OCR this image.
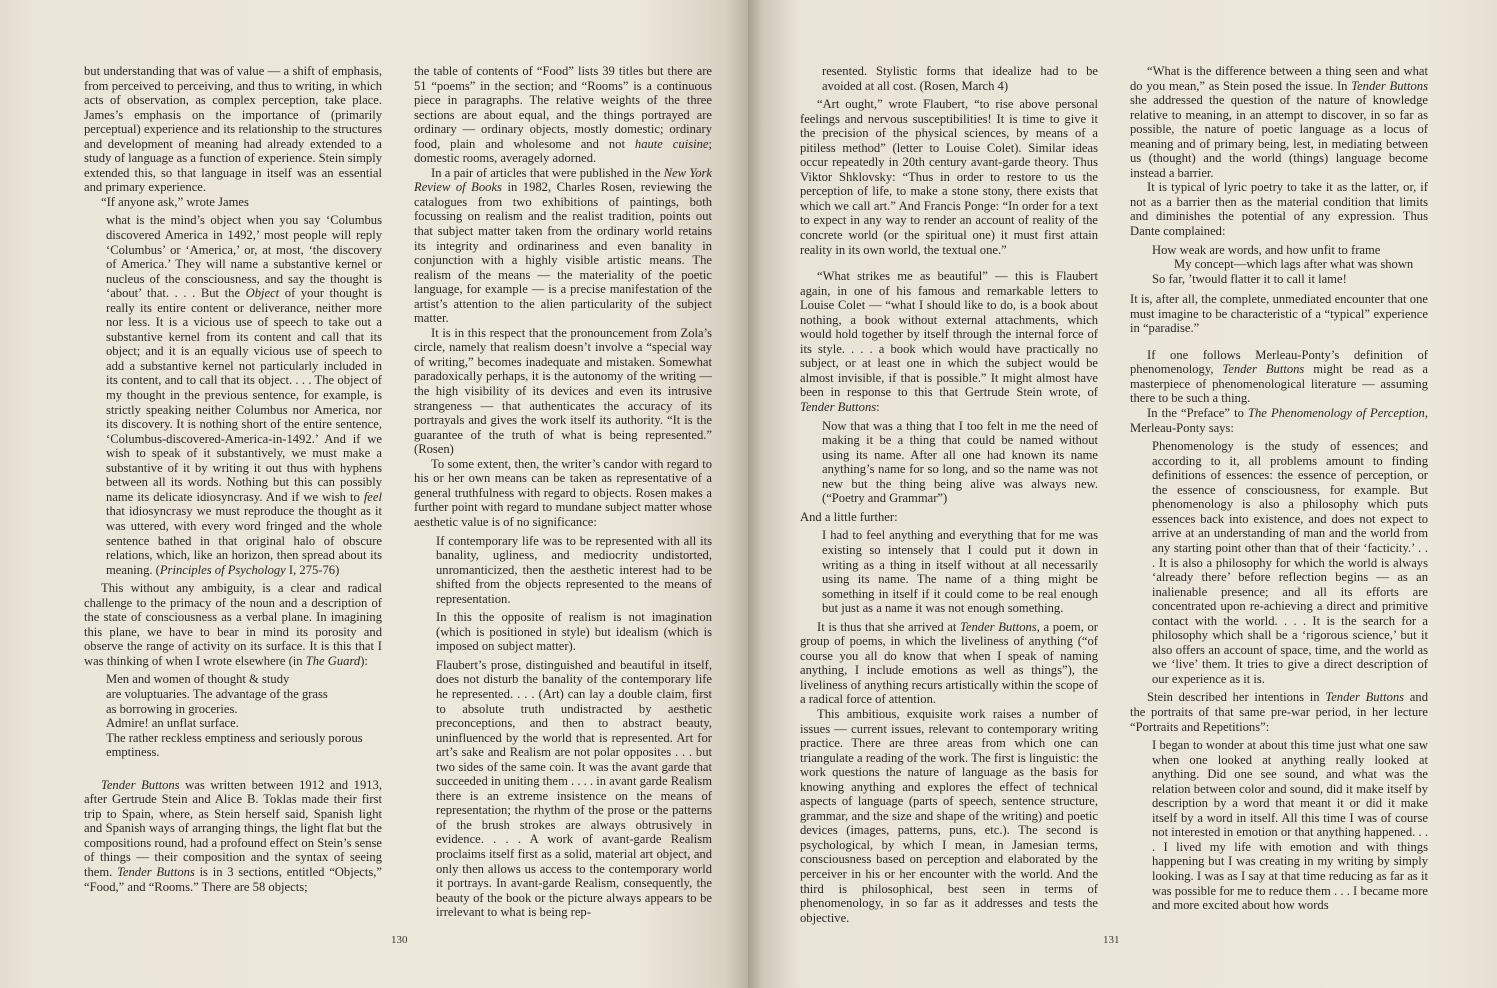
but understanding that was of value — a shift of emphasis, from perceived to perceiving, and thus to writing, in which acts of observation, as complex perception, take place. James’s emphasis on the importance of (primarily perceptual) experience and its relationship to the structures and development of meaning had already extended to a study of language as a function of experience. Stein simply extended this, so that language in itself was an essential and primary experience.

“If anyone ask,” wrote James

what is the mind’s object when you say ‘Columbus discovered America in 1492,’ most people will reply ‘Columbus’ or ‘America,’ or, at most, ‘the discovery of America.’ They will name a substantive kernel or nucleus of the consciousness, and say the thought is ‘about’ that. . . . But the Object of your thought is really its entire content or deliverance, neither more nor less. It is a vicious use of speech to take out a substantive kernel from its content and call that its object; and it is an equally vicious use of speech to add a substantive kernel not particularly included in its content, and to call that its object. . . . The object of my thought in the previous sentence, for example, is strictly speaking neither Columbus nor America, nor its discovery. It is nothing short of the entire sentence, ‘Columbus-discovered-America-in-1492.’ And if we wish to speak of it substantively, we must make a substantive of it by writing it out thus with hyphens between all its words. Nothing but this can possibly name its delicate idiosyncrasy. And if we wish to feel that idiosyncrasy we must reproduce the thought as it was uttered, with every word fringed and the whole sentence bathed in that original halo of obscure relations, which, like an horizon, then spread about its meaning. (Principles of Psychology I, 275-76)

This without any ambiguity, is a clear and radical challenge to the primacy of the noun and a description of the state of consciousness as a verbal plane. In imagining this plane, we have to bear in mind its porosity and observe the range of activity on its surface. It is this that I was thinking of when I wrote elsewhere (in The Guard):

Men and women of thought & study
are voluptuaries. The advantage of the grass
as borrowing in groceries.
Admire! an unflat surface.
The rather reckless emptiness and seriously porous
emptiness.

Tender Buttons was written between 1912 and 1913, after Gertrude Stein and Alice B. Toklas made their first trip to Spain, where, as Stein herself said, Spanish light and Spanish ways of arranging things, the light flat but the compositions round, had a profound effect on Stein’s sense of things — their composition and the syntax of seeing them. Tender Buttons is in 3 sections, entitled “Objects,” “Food,” and “Rooms.” There are 58 objects;

the table of contents of “Food” lists 39 titles but there are 51 “poems” in the section; and “Rooms” is a continuous piece in paragraphs. The relative weights of the three sections are about equal, and the things portrayed are ordinary — ordinary objects, mostly domestic; ordinary food, plain and wholesome and not haute cuisine; domestic rooms, averagely adorned.

In a pair of articles that were published in the New York Review of Books in 1982, Charles Rosen, reviewing the catalogues from two exhibitions of paintings, both focussing on realism and the realist tradition, points out that subject matter taken from the ordinary world retains its integrity and ordinariness and even banality in conjunction with a highly visible artistic means. The realism of the means — the materiality of the poetic language, for example — is a precise manifestation of the artist’s attention to the alien particularity of the subject matter.

It is in this respect that the pronouncement from Zola’s circle, namely that realism doesn’t involve a “special way of writing,” becomes inadequate and mistaken. Somewhat paradoxically perhaps, it is the autonomy of the writing — the high visibility of its devices and even its intrusive strangeness — that authenticates the accuracy of its portrayals and gives the work itself its authority. “It is the guarantee of the truth of what is being represented.” (Rosen)

To some extent, then, the writer’s candor with regard to his or her own means can be taken as representative of a general truthfulness with regard to objects. Rosen makes a further point with regard to mundane subject matter whose aesthetic value is of no significance:

If contemporary life was to be represented with all its banality, ugliness, and mediocrity undistorted, unromanticized, then the aesthetic interest had to be shifted from the objects represented to the means of representation.

In this the opposite of realism is not imagination (which is positioned in style) but idealism (which is imposed on subject matter).

Flaubert’s prose, distinguished and beautiful in itself, does not disturb the banality of the contemporary life he represented. . . . (Art) can lay a double claim, first to absolute truth undistracted by aesthetic preconceptions, and then to abstract beauty, uninfluenced by the world that is represented. Art for art’s sake and Realism are not polar opposites . . . but two sides of the same coin. It was the avant garde that succeeded in uniting them . . . . in avant garde Realism there is an extreme insistence on the means of representation; the rhythm of the prose or the patterns of the brush strokes are always obtrusively in evidence. . . . A work of avant-garde Realism proclaims itself first as a solid, material art object, and only then allows us access to the contemporary world it portrays. In avant-garde Realism, consequently, the beauty of the book or the picture always appears to be irrelevant to what is being rep-

130

resented. Stylistic forms that idealize had to be avoided at all cost. (Rosen, March 4)

“Art ought,” wrote Flaubert, “to rise above personal feelings and nervous susceptibilities! It is time to give it the precision of the physical sciences, by means of a pitiless method” (letter to Louise Colet). Similar ideas occur repeatedly in 20th century avant-garde theory. Thus Viktor Shklovsky: “Thus in order to restore to us the perception of life, to make a stone stony, there exists that which we call art.” And Francis Ponge: “In order for a text to expect in any way to render an account of reality of the concrete world (or the spiritual one) it must first attain reality in its own world, the textual one.”

“What strikes me as beautiful” — this is Flaubert again, in one of his famous and remarkable letters to Louise Colet — “what I should like to do, is a book about nothing, a book without external attachments, which would hold together by itself through the internal force of its style. . . . a book which would have practically no subject, or at least one in which the subject would be almost invisible, if that is possible.” It might almost have been in response to this that Gertrude Stein wrote, of Tender Buttons:

Now that was a thing that I too felt in me the need of making it be a thing that could be named without using its name. After all one had known its name anything’s name for so long, and so the name was not new but the thing being alive was always new. (“Poetry and Grammar”)

And a little further:

I had to feel anything and everything that for me was existing so intensely that I could put it down in writing as a thing in itself without at all necessarily using its name. The name of a thing might be something in itself if it could come to be real enough but just as a name it was not enough something.

It is thus that she arrived at Tender Buttons, a poem, or group of poems, in which the liveliness of anything (“of course you all do know that when I speak of naming anything, I include emotions as well as things”), the liveliness of anything recurs artistically within the scope of a radical force of attention.

This ambitious, exquisite work raises a number of issues — current issues, relevant to contemporary writing practice. There are three areas from which one can triangulate a reading of the work. The first is linguistic: the work questions the nature of language as the basis for knowing anything and explores the effect of technical aspects of language (parts of speech, sentence structure, grammar, and the size and shape of the writing) and poetic devices (images, patterns, puns, etc.). The second is psychological, by which I mean, in Jamesian terms, consciousness based on perception and elaborated by the perceiver in his or her encounter with the world. And the third is philosophical, best seen in terms of phenomenology, in so far as it addresses and tests the objective.

“What is the difference between a thing seen and what do you mean,” as Stein posed the issue. In Tender Buttons she addressed the question of the nature of knowledge relative to meaning, in an attempt to discover, in so far as possible, the nature of poetic language as a locus of meaning and of primary being, lest, in mediating between us (thought) and the world (things) language become instead a barrier.

It is typical of lyric poetry to take it as the latter, or, if not as a barrier then as the material condition that limits and diminishes the potential of any expression. Thus Dante complained:

How weak are words, and how unfit to frame
My concept—which lags after what was shown
So far, ’twould flatter it to call it lame!

It is, after all, the complete, unmediated encounter that one must imagine to be characteristic of a “typical” experience in “paradise.”

If one follows Merleau-Ponty’s definition of phenomenology, Tender Buttons might be read as a masterpiece of phenomenological literature — assuming there to be such a thing.

In the “Preface” to The Phenomenology of Perception, Merleau-Ponty says:

Phenomenology is the study of essences; and according to it, all problems amount to finding definitions of essences: the essence of perception, or the essence of consciousness, for example. But phenomenology is also a philosophy which puts essences back into existence, and does not expect to arrive at an understanding of man and the world from any starting point other than that of their ‘facticity.’ . . . It is also a philosophy for which the world is always ‘already there’ before reflection begins — as an inalienable presence; and all its efforts are concentrated upon re-achieving a direct and primitive contact with the world. . . . It is the search for a philosophy which shall be a ‘rigorous science,’ but it also offers an account of space, time, and the world as we ‘live’ them. It tries to give a direct description of our experience as it is.

Stein described her intentions in Tender Buttons and the portraits of that same pre-war period, in her lecture “Portraits and Repetitions”:

I began to wonder at about this time just what one saw when one looked at anything really looked at anything. Did one see sound, and what was the relation between color and sound, did it make itself by description by a word that meant it or did it make itself by a word in itself. All this time I was of course not interested in emotion or that anything happened. . . . I lived my life with emotion and with things happening but I was creating in my writing by simply looking. I was as I say at that time reducing as far as it was possible for me to reduce them . . . I became more and more excited about how words

131
